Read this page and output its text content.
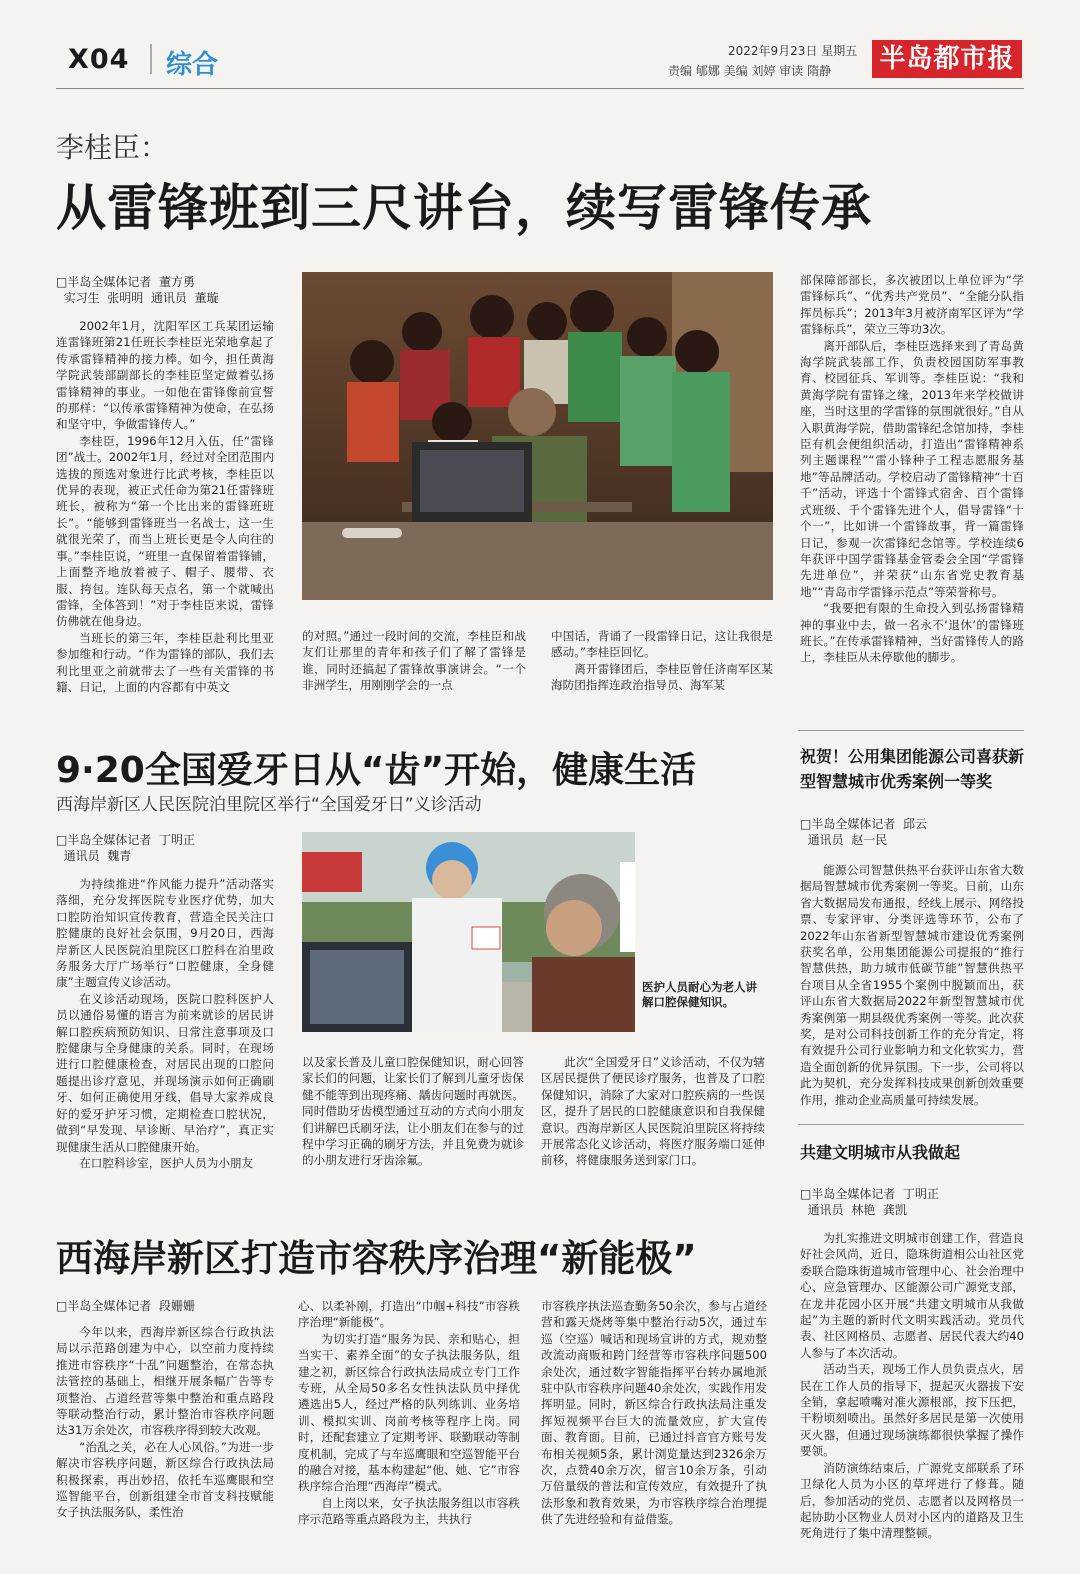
X04 综合	2022年9月23日 星期五
责编 郇娜 美编 刘婷 审读 隋静 半岛都市报
李桂臣：
从雷锋班到三尺讲台，续写雷锋传承
□半岛全媒体记者  董方勇
实习生  张明明  通讯员  董璇

2002年1月，沈阳军区工兵某团运输连雷锋班第21任班长李桂臣光荣地拿起了传承雷锋精神的接力棒。如今，担任黄海学院武装部副部长的李桂臣坚定做着弘扬雷锋精神的事业。一如他在雷锋像前宣誓的那样：“以传承雷锋精神为使命，在弘扬和坚守中，争做雷锋传人。”

李桂臣，1996年12月入伍，任“雷锋团”战士。2002年1月，经过对全团范围内选拔的预选对象进行比武考核，李桂臣以优异的表现，被正式任命为第21任雷锋班班长，被称为“第一个比出来的雷锋班班长”。“能够到雷锋班当一名战士，这一生就很光荣了，而当上班长更是令人向往的事。”李桂臣说，“班里一直保留着雷锋铺，上面整齐地放着被子、帽子、腰带、衣服、挎包。连队每天点名，第一个就喊出雷锋，全体答到！”对于李桂臣来说，雷锋仿佛就在他身边。

当班长的第三年，李桂臣赴利比里亚参加维和行动。“作为雷锋的部队，我们去利比里亚之前就带去了一些有关雷锋的书籍、日记，上面的内容都有中英文

的对照。”通过一段时间的交流，李桂臣和战友们让那里的青年和孩子们了解了雷锋是谁，同时还搞起了雷锋故事演讲会。“一个非洲学生，用刚刚学会的一点

中国话，背诵了一段雷锋日记，这让我很是感动。”李桂臣回忆。

离开雷锋团后，李桂臣曾任济南军区某海防团指挥连政治指导员、海军某

部保障部部长，多次被团以上单位评为“学雷锋标兵”、“优秀共产党员”、“全能分队指挥员标兵”；2013年3月被济南军区评为“学雷锋标兵”，荣立三等功3次。

离开部队后，李桂臣选择来到了青岛黄海学院武装部工作，负责校园国防军事教育、校园征兵、军训等。李桂臣说：“我和黄海学院有雷锋之缘，2013年来学校做讲座，当时这里的学雷锋的氛围就很好。”自从入职黄海学院，借助雷锋纪念馆加持，李桂臣有机会便组织活动，打造出“雷锋精神系列主题课程”“雷小锋种子工程志愿服务基地”等品牌活动。学校启动了雷锋精神“十百千”活动，评选十个雷锋式宿舍、百个雷锋式班级、千个雷锋先进个人，倡导雷锋“十个一”，比如讲一个雷锋故事，背一篇雷锋日记，参观一次雷锋纪念馆等。学校连续6年获评中国学雷锋基金管委会全国“学雷锋先进单位”，并荣获“山东省党史教育基地”“青岛市学雷锋示范点”等荣誉称号。

“我要把有限的生命投入到弘扬雷锋精神的事业中去，做一名永不‘退休’的雷锋班班长。”在传承雷锋精神，当好雷锋传人的路上，李桂臣从未停歇他的脚步。

9·20全国爱牙日从“齿”开始，健康生活
西海岸新区人民医院泊里院区举行“全国爱牙日”义诊活动
□半岛全媒体记者  丁明正
通讯员  魏青

为持续推进“作风能力提升”活动落实落细，充分发挥医院专业医疗优势，加大口腔防治知识宣传教育，营造全民关注口腔健康的良好社会氛围，9月20日，西海岸新区人民医院泊里院区口腔科在泊里政务服务大厅广场举行“口腔健康，全身健康”主题宣传义诊活动。

在义诊活动现场，医院口腔科医护人员以通俗易懂的语言为前来就诊的居民讲解口腔疾病预防知识、日常注意事项及口腔健康与全身健康的关系。同时，在现场进行口腔健康检查，对居民出现的口腔问题提出诊疗意见，并现场演示如何正确刷牙、如何正确使用牙线，倡导大家养成良好的爱牙护牙习惯，定期检查口腔状况，做到“早发现、早诊断、早治疗”，真正实现健康生活从口腔健康开始。

在口腔科诊室，医护人员为小朋友

医护人员耐心为老人讲解口腔保健知识。

以及家长普及儿童口腔保健知识，耐心回答家长们的问题，让家长们了解到儿童牙齿保健不能等到出现疼痛、龋齿问题时再就医。同时借助牙齿模型通过互动的方式向小朋友们讲解巴氏刷牙法，让小朋友们在参与的过程中学习正确的刷牙方法，并且免费为就诊的小朋友进行牙齿涂氟。

此次“全国爱牙日”义诊活动，不仅为辖区居民提供了便民诊疗服务，也普及了口腔保健知识，消除了大家对口腔疾病的一些误区，提升了居民的口腔健康意识和自我保健意识。西海岸新区人民医院泊里院区将持续开展常态化义诊活动，将医疗服务端口延伸前移，将健康服务送到家门口。

西海岸新区打造市容秩序治理“新能极”
□半岛全媒体记者  段姗姗

今年以来，西海岸新区综合行政执法局以示范路创建为中心，以空前力度持续推进市容秩序“十乱”问题整治，在常态执法管控的基础上，相继开展条幅广告等专项整治、占道经营等集中整治和重点路段等联动整治行动，累计整治市容秩序问题达31万余处次，市容秩序得到较大改观。

“治乱之关，必在人心风俗。”为进一步解决市容秩序问题，新区综合行政执法局积极探索，再出妙招，依托车巡鹰眼和空巡智能平台，创新组建全市首支科技赋能女子执法服务队，柔性治

心、以柔补刚，打造出“巾帼+科技”市容秩序治理“新能极”。

为切实打造“服务为民、亲和贴心，担当实干、素养全面”的女子执法服务队，组建之初，新区综合行政执法局成立专门工作专班，从全局50多名女性执法队员中择优遴选出5人，经过严格的队列练训、业务培训、模拟实训、岗前考核等程序上岗。同时，还配套建立了定期考评、联勤联动等制度机制，完成了与车巡鹰眼和空巡智能平台的融合对接，基本构建起“他、她、它”市容秩序综合治理“西海岸”模式。

自上岗以来，女子执法服务组以市容秩序示范路等重点路段为主，共执行

市容秩序执法巡查勤务50余次，参与占道经营和露天烧烤等集中整治行动5次，通过车巡（空巡）喊话和现场宣讲的方式，规劝整改流动商贩和跨门经营等市容秩序问题500余处次，通过数字智能指挥平台转办属地派驻中队市容秩序问题40余处次，实践作用发挥明显。同时，新区综合行政执法局注重发挥短视频平台巨大的流量效应，扩大宣传面、教育面。目前，已通过抖音官方账号发布相关视频5条，累计浏览量达到2326余万次，点赞40余万次，留言10余万条，引动万倍量级的普法和宣传效应，有效提升了执法形象和教育效果，为市容秩序综合治理提供了先进经验和有益借鉴。

祝贺！公用集团能源公司喜获新型智慧城市优秀案例一等奖
□半岛全媒体记者  邱云
通讯员  赵一民

能源公司智慧供热平台获评山东省大数据局智慧城市优秀案例一等奖。日前，山东省大数据局发布通报，经线上展示、网络投票、专家评审、分类评选等环节，公布了2022年山东省新型智慧城市建设优秀案例获奖名单，公用集团能源公司提报的“推行智慧供热，助力城市低碳节能”智慧供热平台项目从全省1955个案例中脱颖而出，获评山东省大数据局2022年新型智慧城市优秀案例第一期县级优秀案例一等奖。此次获奖，是对公司科技创新工作的充分肯定，将有效提升公司行业影响力和文化软实力，营造全面创新的优异氛围。下一步，公司将以此为契机，充分发挥科技成果创新创效重要作用，推动企业高质量可持续发展。

共建文明城市从我做起
□半岛全媒体记者  丁明正
通讯员  林艳  龚凯

为扎实推进文明城市创建工作，营造良好社会风尚，近日，隐珠街道相公山社区党委联合隐珠街道城市管理中心、社会治理中心、应急管理办、区能源公司广源党支部，在龙井花园小区开展“共建文明城市从我做起”为主题的新时代文明实践活动。党员代表、社区网格员、志愿者、居民代表大约40人参与了本次活动。

活动当天，现场工作人员负责点火，居民在工作人员的指导下，提起灭火器拔下安全销，拿起喷嘴对准火源根部，按下压把，干粉顷刻喷出。虽然好多居民是第一次使用灭火器，但通过现场演练都很快掌握了操作要领。

消防演练结束后，广源党支部联系了环卫绿化人员为小区的草坪进行了修葺。随后，参加活动的党员、志愿者以及网格员一起协助小区物业人员对小区内的道路及卫生死角进行了集中清理整顿。
